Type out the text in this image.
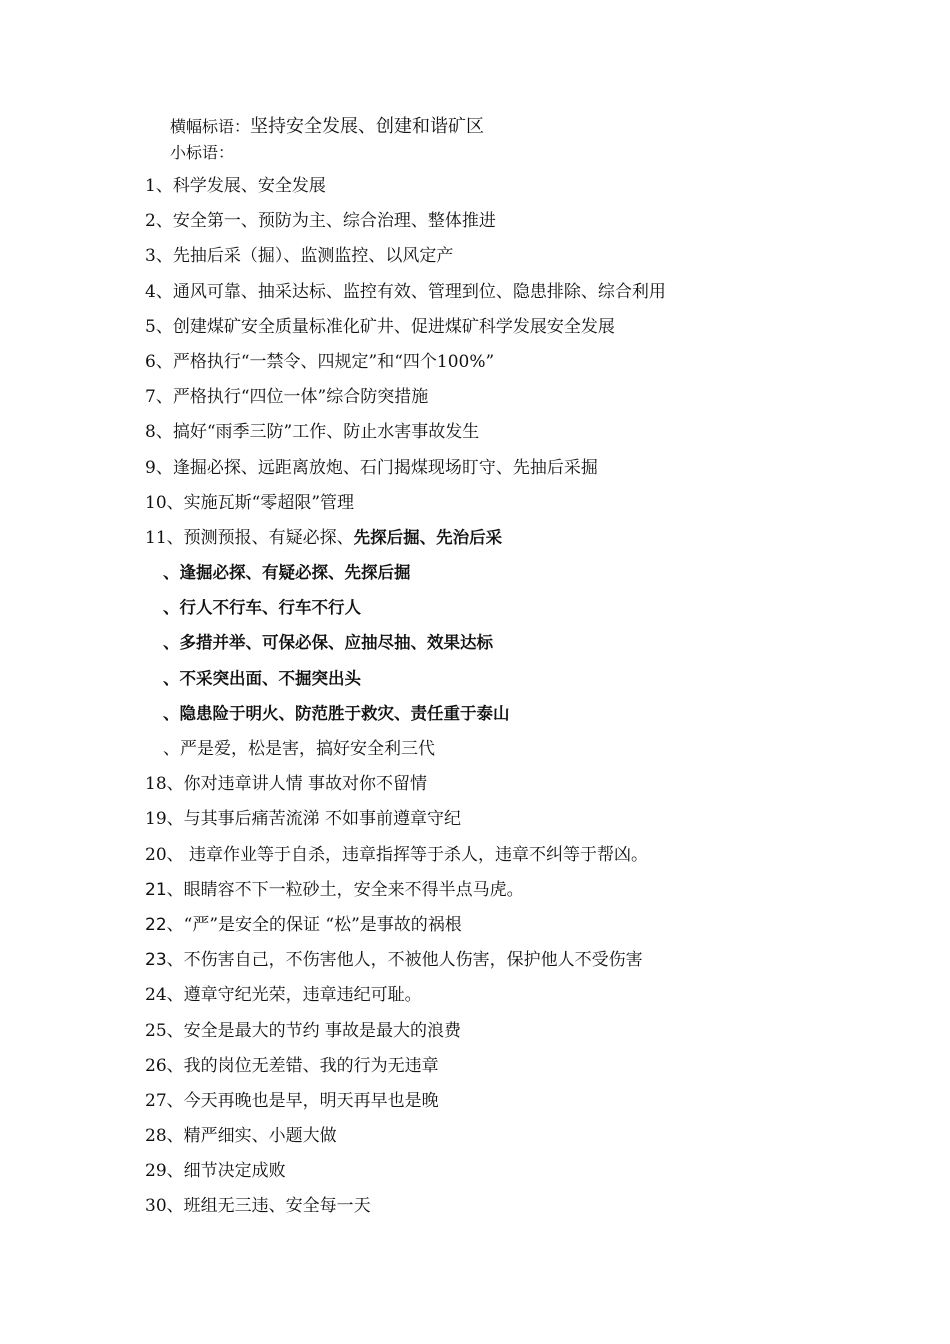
横幅标语：坚持安全发展、创建和谐矿区
小标语：
1、科学发展、安全发展
2、安全第一、预防为主、综合治理、整体推进
3、先抽后采（掘）、监测监控、以风定产
4、通风可靠、抽采达标、监控有效、管理到位、隐患排除、综合利用
5、创建煤矿安全质量标准化矿井、促进煤矿科学发展安全发展
6、严格执行“一禁令、四规定”和“四个100%”
7、严格执行“四位一体”综合防突措施
8、搞好“雨季三防”工作、防止水害事故发生
9、逢掘必探、远距离放炮、石门揭煤现场盯守、先抽后采掘
10、实施瓦斯“零超限”管理
11、预测预报、有疑必探、先探后掘、先治后采
、逢掘必探、有疑必探、先探后掘
、行人不行车、行车不行人
、多措并举、可保必保、应抽尽抽、效果达标
、不采突出面、不掘突出头
、隐患险于明火、防范胜于救灾、责任重于泰山
、严是爱，松是害，搞好安全利三代
18、你对违章讲人情 事故对你不留情
19、与其事后痛苦流涕 不如事前遵章守纪
20、 违章作业等于自杀，违章指挥等于杀人，违章不纠等于帮凶。
21、眼睛容不下一粒砂土，安全来不得半点马虎。
22、“严”是安全的保证 “松”是事故的祸根
23、不伤害自己，不伤害他人，不被他人伤害，保护他人不受伤害
24、遵章守纪光荣，违章违纪可耻。
25、安全是最大的节约 事故是最大的浪费
26、我的岗位无差错、我的行为无违章
27、今天再晚也是早，明天再早也是晚
28、精严细实、小题大做
29、细节决定成败
30、班组无三违、安全每一天
